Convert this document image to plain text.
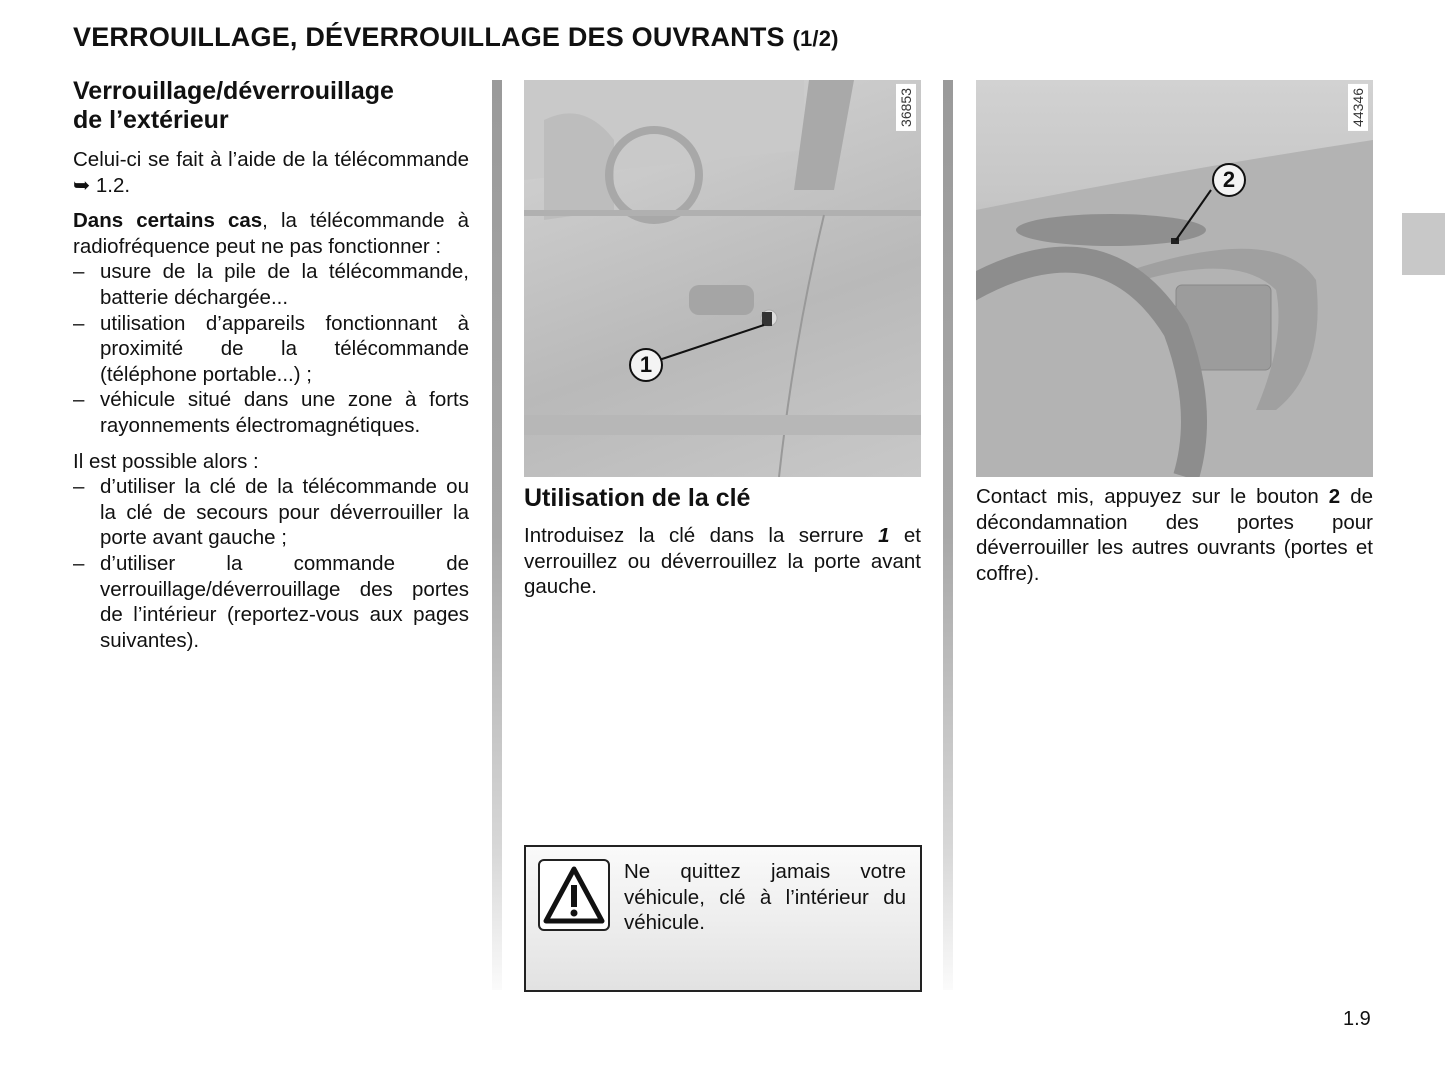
VERROUILLAGE, DÉVERROUILLAGE DES OUVRANTS (1/2)
Verrouillage/déverrouillage
de l’extérieur

Celui-ci se fait à l’aide de la télécommande ➥ 1.2.

Dans certains cas, la télécommande à radiofréquence peut ne pas fonctionner :

– usure de la pile de la télécommande, batterie déchargée...
– utilisation d’appareils fonctionnant à proximité de la télécommande (téléphone portable...) ;
– véhicule situé dans une zone à forts rayonnements électromagnétiques.

Il est possible alors :

– d’utiliser la clé de la télécommande ou la clé de secours pour déverrouiller la porte avant gauche ;
– d’utiliser la commande de verrouillage/déverrouillage des portes de l’intérieur (reportez-vous aux pages suivantes).
36853
1
Utilisation de la clé

Introduisez la clé dans la serrure 1 et verrouillez ou déverrouillez la porte avant gauche.

Ne quittez jamais votre véhicule, clé à l’intérieur du véhicule.
44346
2

Contact mis, appuyez sur le bouton 2 de décondamnation des portes pour déverrouiller les autres ouvrants (portes et coffre).

1.9
